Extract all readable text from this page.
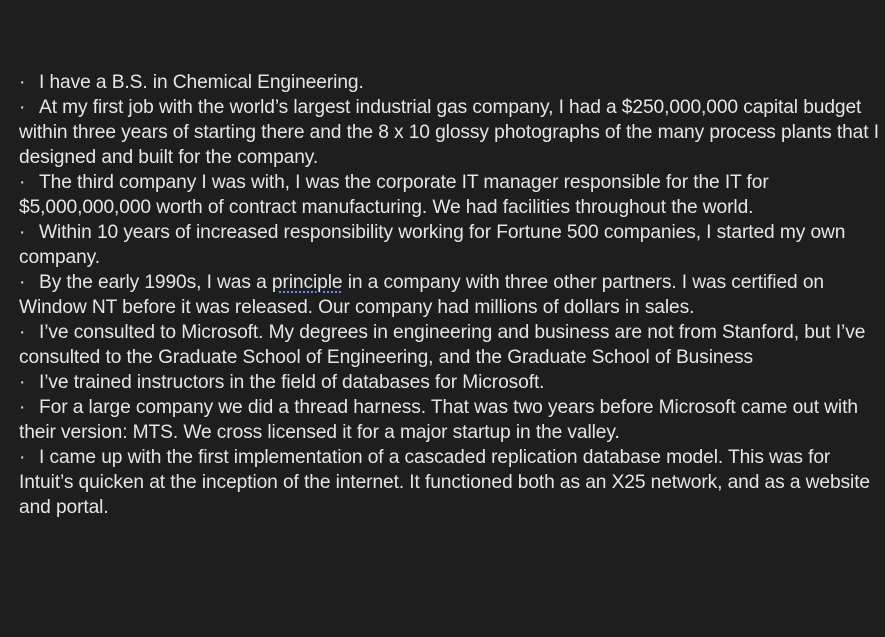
· I have a B.S. in Chemical Engineering.

· At my first job with the world’s largest industrial gas company, I had a $250,000,000 capital budget within three years of starting there and the 8 x 10 glossy photographs of the many process plants that I designed and built for the company.

· The third company I was with, I was the corporate IT manager responsible for the IT for $5,000,000,000 worth of contract manufacturing. We had facilities throughout the world.

· Within 10 years of increased responsibility working for Fortune 500 companies, I started my own company.

· By the early 1990s, I was a principle in a company with three other partners. I was certified on Window NT before it was released. Our company had millions of dollars in sales.

· I’ve consulted to Microsoft. My degrees in engineering and business are not from Stanford, but I’ve consulted to the Graduate School of Engineering, and the Graduate School of Business

· I’ve trained instructors in the field of databases for Microsoft.

· For a large company we did a thread harness. That was two years before Microsoft came out with their version: MTS. We cross licensed it for a major startup in the valley.

· I came up with the first implementation of a cascaded replication database model. This was for Intuit’s quicken at the inception of the internet. It functioned both as an X25 network, and as a website and portal.
